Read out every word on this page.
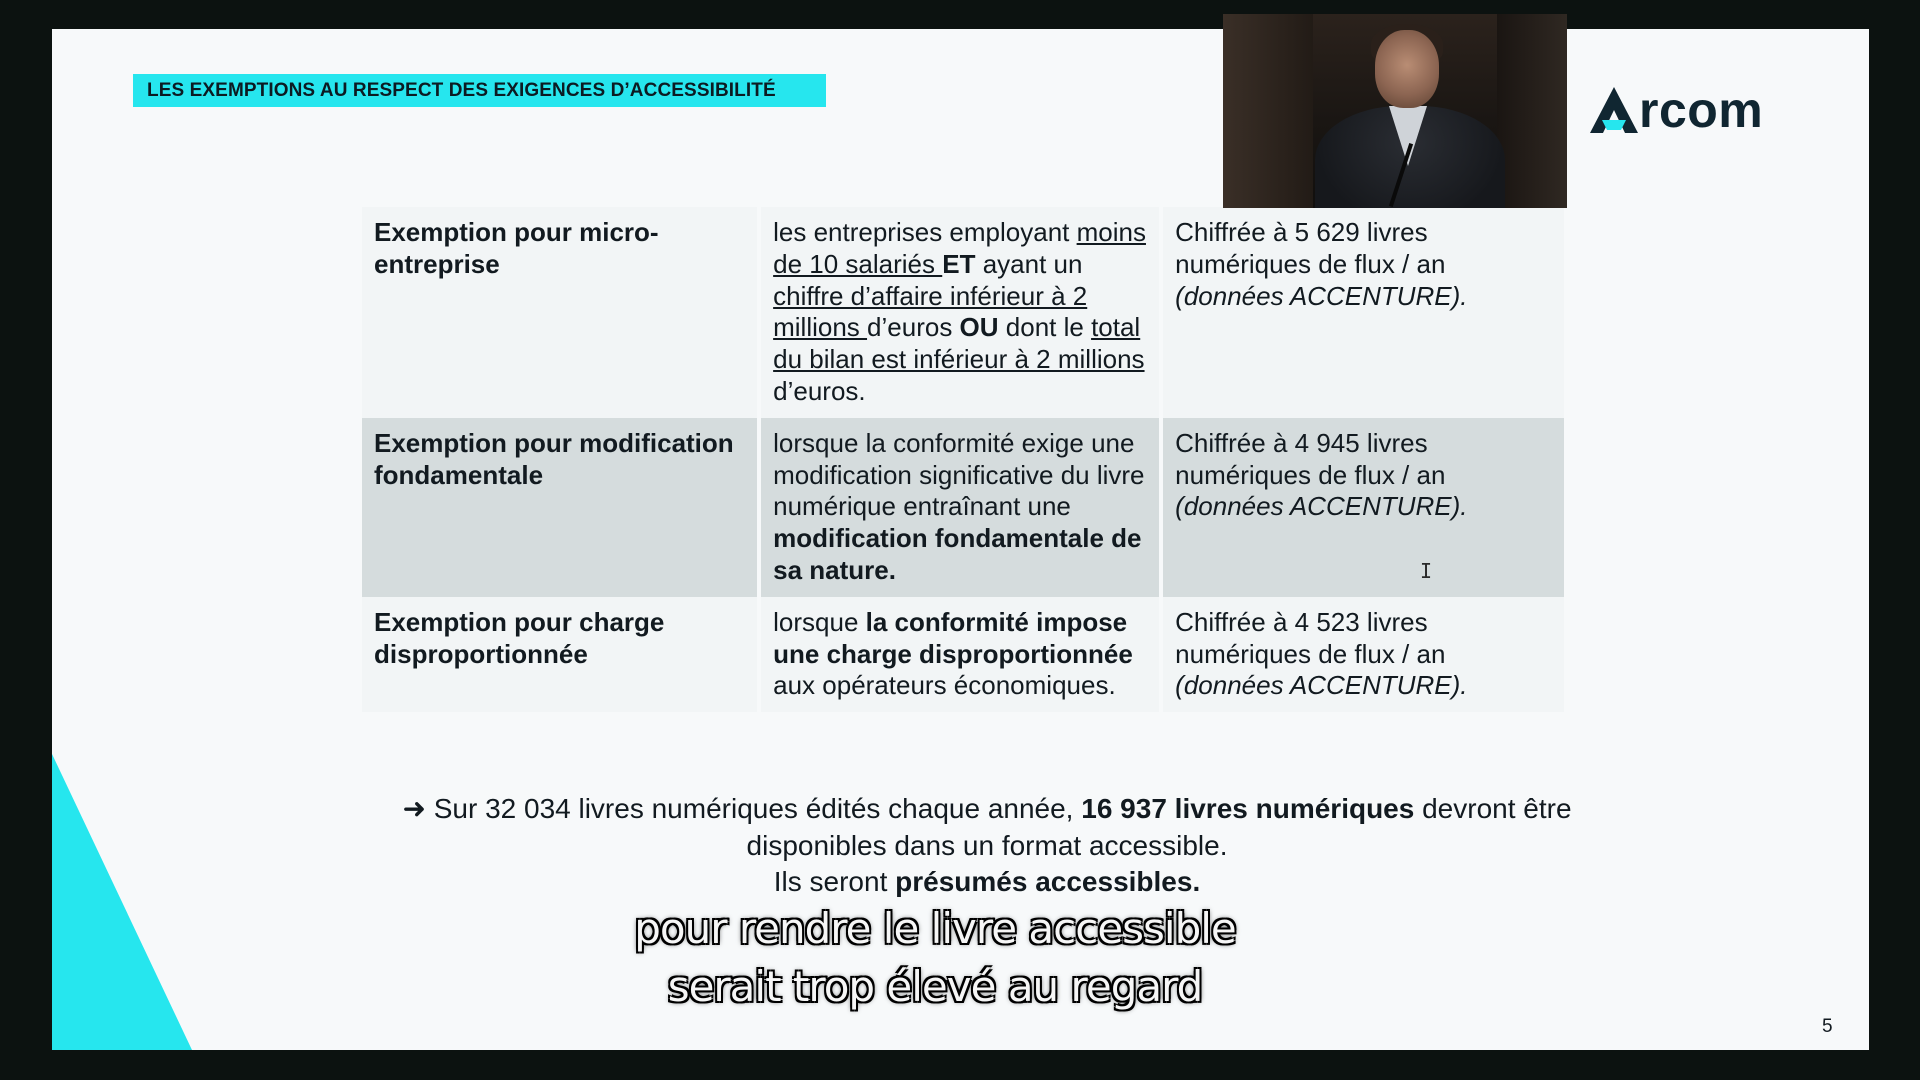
LES EXEMPTIONS AU RESPECT DES EXIGENCES D’ACCESSIBILITÉ	rcom
Exemption pour micro-entreprise	les entreprises employant moins de 10 salariés ET ayant un chiffre d’affaire inférieur à 2 millions d’euros OU dont le total du bilan est inférieur à 2 millions d’euros.	Chiffrée à 5 629 livres numériques de flux / an
(données ACCENTURE).
Exemption pour modification fondamentale	lorsque la conformité exige une modification significative du livre numérique entraînant une modification fondamentale de sa nature.	Chiffrée à 4 945 livres numériques de flux / an
(données ACCENTURE).
Exemption pour charge disproportionnée	lorsque la conformité impose une charge disproportionnée aux opérateurs économiques.	Chiffrée à 4 523 livres numériques de flux / an
(données ACCENTURE).
I
➜ Sur 32 034 livres numériques édités chaque année, 16 937 livres numériques devront être disponibles dans un format accessible.
Ils seront présumés accessibles.
5
pour rendre le livre accessible
serait trop élevé au regard
